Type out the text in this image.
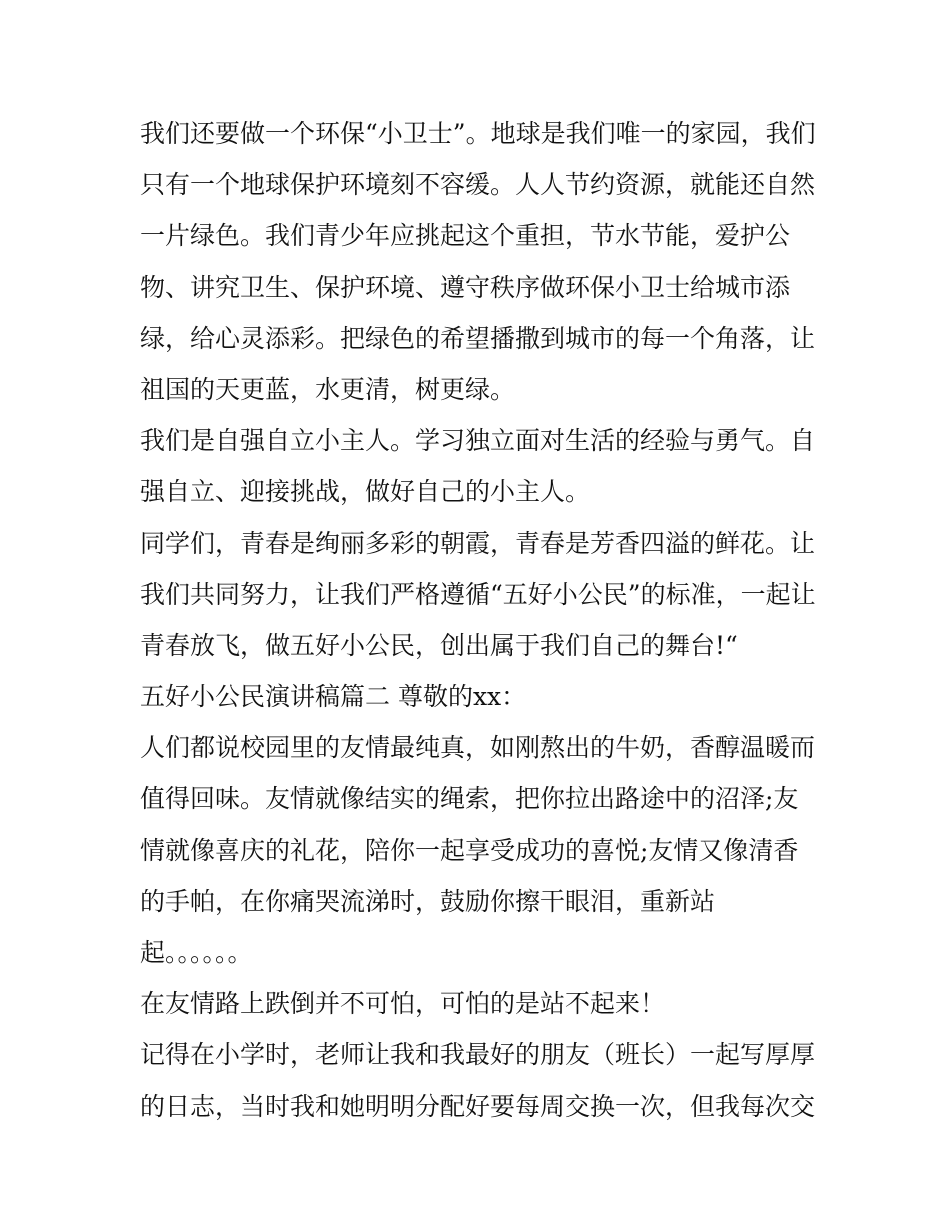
我们还要做一个环保“小卫士”。地球是我们唯一的家园，我们
只有一个地球保护环境刻不容缓。人人节约资源，就能还自然
一片绿色。我们青少年应挑起这个重担，节水节能，爱护公
物、讲究卫生、保护环境、遵守秩序做环保小卫士给城市添
绿，给心灵添彩。把绿色的希望播撒到城市的每一个角落，让
祖国的天更蓝，水更清，树更绿。
我们是自强自立小主人。学习独立面对生活的经验与勇气。自
强自立、迎接挑战，做好自己的小主人。
同学们，青春是绚丽多彩的朝霞，青春是芳香四溢的鲜花。让
我们共同努力，让我们严格遵循“五好小公民”的标准，一起让
青春放飞，做五好小公民，创出属于我们自己的舞台!“
五好小公民演讲稿篇二 尊敬的xx：
人们都说校园里的友情最纯真，如刚熬出的牛奶，香醇温暖而
值得回味。友情就像结实的绳索，把你拉出路途中的沼泽;友
情就像喜庆的礼花，陪你一起享受成功的喜悦;友情又像清香
的手帕，在你痛哭流涕时，鼓励你擦干眼泪，重新站
起。。。。。。
在友情路上跌倒并不可怕，可怕的是站不起来！
记得在小学时，老师让我和我最好的朋友（班长）一起写厚厚
的日志，当时我和她明明分配好要每周交换一次，但我每次交
